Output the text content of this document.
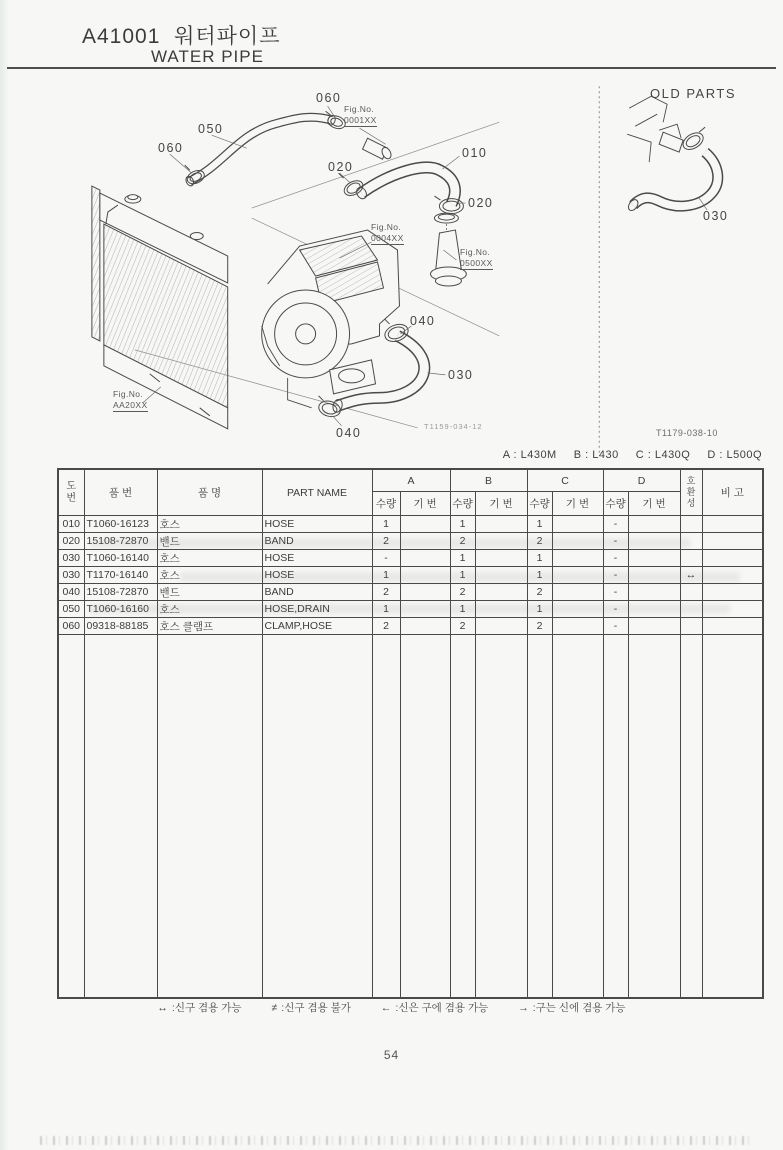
A41001 워터파이프
WATER PIPE
060
Fig.No.
0001XX
050
060
020
010
020
Fig.No.
0004XX
Fig.No.
0500XX
040
030
040
Fig.No.
AA20XX
T1159-034-12
OLD PARTS
030
T1179-038-10
A : L430M B : L430 C : L430Q D : L500Q
도
번	품 번	품 명	PART NAME	A	B	C	D	호
환
성
	비 고
				수량	기 번	수량	기 번	수량	기 번	수량	기 번		
010	T1060-16123	호스	HOSE	1		1		1		-			
020	15108-72870	밴드	BAND	2		2		2		-			
030	T1060-16140	호스	HOSE	-		1		1		-			
030	T1170-16140	호스	HOSE	1		1		1		-		↔	
040	15108-72870	밴드	BAND	2		2		2		-			
050	T1060-16160	호스	HOSE,DRAIN	1		1		1		-			
060	09318-88185	호스 클램프	CLAMP,HOSE	2		2		2		-			

↔ :신구 겸용 가능	≠ :신구 겸용 불가	← :신은 구에 겸용 가능	→ :구는 신에 겸용 가능
54
